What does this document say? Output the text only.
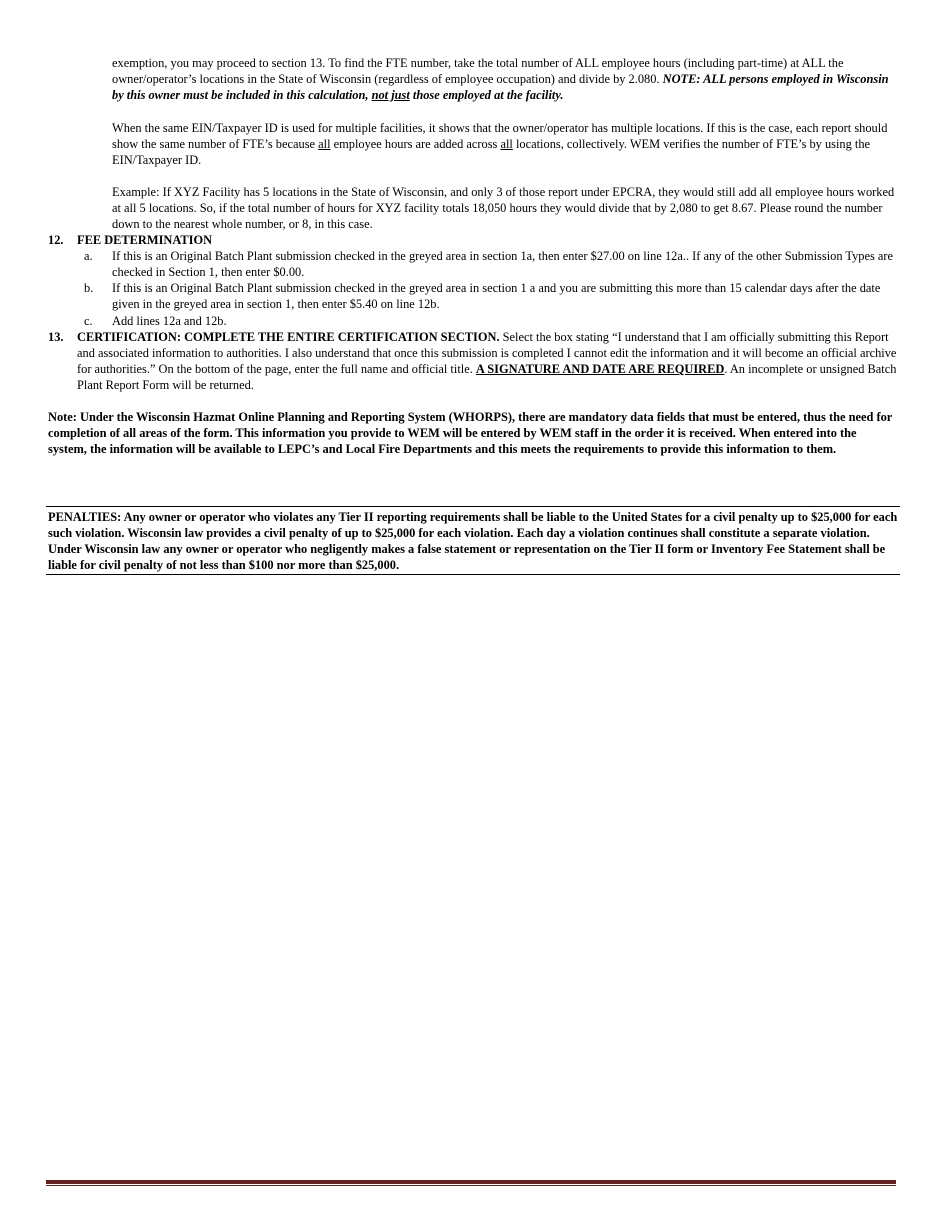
exemption, you may proceed to section 13. To find the FTE number, take the total number of ALL employee hours (including part-time) at ALL the owner/operator’s locations in the State of Wisconsin (regardless of employee occupation) and divide by 2.080. NOTE: ALL persons employed in Wisconsin by this owner must be included in this calculation, not just those employed at the facility.

When the same EIN/Taxpayer ID is used for multiple facilities, it shows that the owner/operator has multiple locations. If this is the case, each report should show the same number of FTE’s because all employee hours are added across all locations, collectively. WEM verifies the number of FTE’s by using the EIN/Taxpayer ID.

Example: If XYZ Facility has 5 locations in the State of Wisconsin, and only 3 of those report under EPCRA, they would still add all employee hours worked at all 5 locations. So, if the total number of hours for XYZ facility totals 18,050 hours they would divide that by 2,080 to get 8.67. Please round the number down to the nearest whole number, or 8, in this case.

12. FEE DETERMINATION
a.	If this is an Original Batch Plant submission checked in the greyed area in section 1a, then enter $27.00 on line 12a.. If any of the other Submission Types are checked in Section 1, then enter $0.00.
b.	If this is an Original Batch Plant submission checked in the greyed area in section 1 a and you are submitting this more than 15 calendar days after the date given in the greyed area in section 1, then enter $5.40 on line 12b.
c.	Add lines 12a and 12b.
13.	CERTIFICATION: COMPLETE THE ENTIRE CERTIFICATION SECTION. Select the box stating “I understand that I am officially submitting this Report and associated information to authorities. I also understand that once this submission is completed I cannot edit the information and it will become an official archive for authorities.” On the bottom of the page, enter the full name and official title. A SIGNATURE AND DATE ARE REQUIRED. An incomplete or unsigned Batch Plant Report Form will be returned.

Note: Under the Wisconsin Hazmat Online Planning and Reporting System (WHORPS), there are mandatory data fields that must be entered, thus the need for completion of all areas of the form. This information you provide to WEM will be entered by WEM staff in the order it is received. When entered into the system, the information will be available to LEPC’s and Local Fire Departments and this meets the requirements to provide this information to them.

PENALTIES: Any owner or operator who violates any Tier II reporting requirements shall be liable to the United States for a civil penalty up to $25,000 for each such violation. Wisconsin law provides a civil penalty of up to $25,000 for each violation. Each day a violation continues shall constitute a separate violation. Under Wisconsin law any owner or operator who negligently makes a false statement or representation on the Tier II form or Inventory Fee Statement shall be liable for civil penalty of not less than $100 nor more than $25,000.
